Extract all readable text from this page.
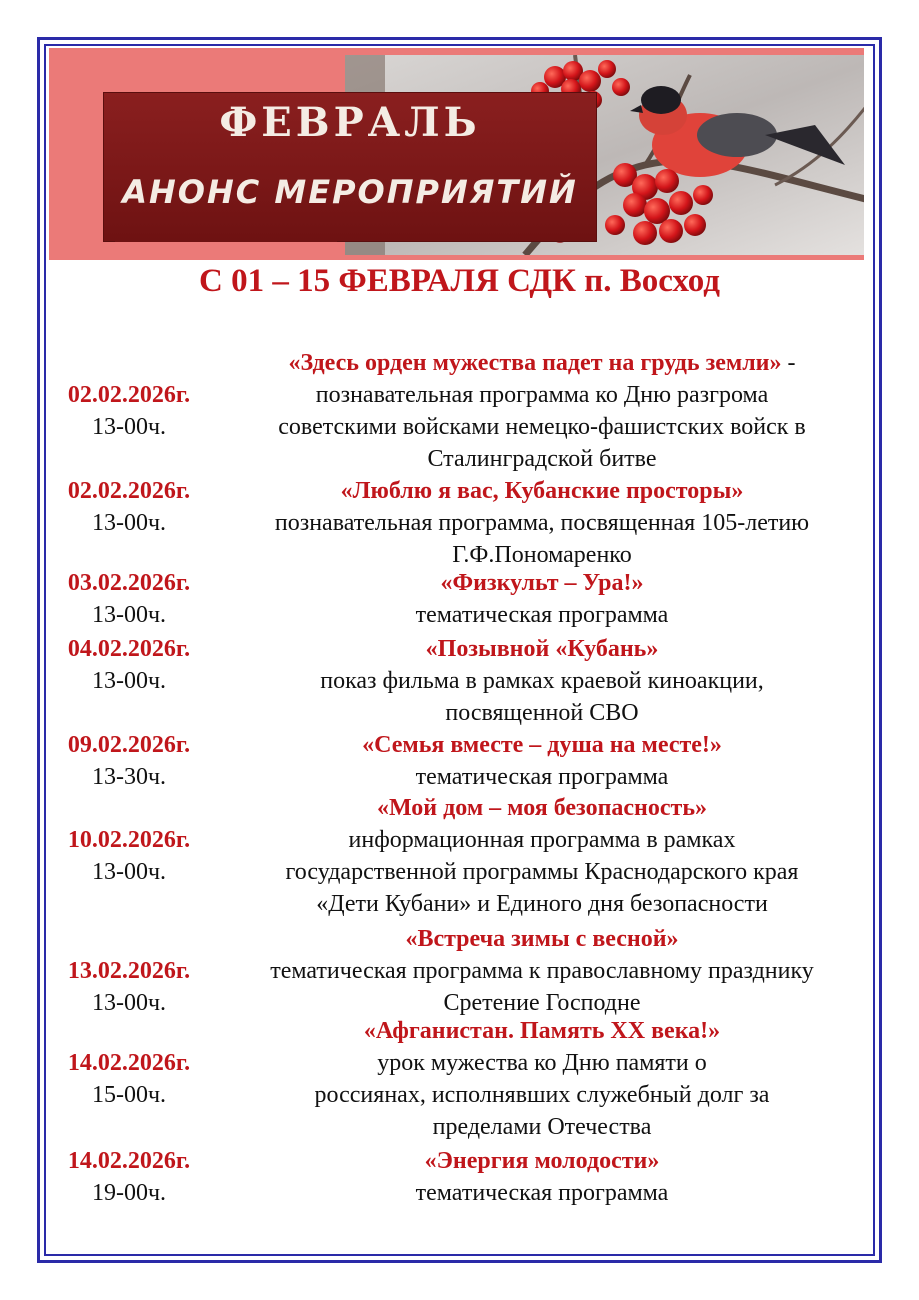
ФЕВРАЛЬ
АНОНС МЕРОПРИЯТИЙ
С 01 – 15 ФЕВРАЛЯ СДК п. Восход
02.02.2026г.
13-00ч.
«Здесь орден мужества падет на грудь земли» -
познавательная программа ко Дню разгрома
советскими войсками немецко-фашистских войск в
Сталинградской битве
02.02.2026г.
13-00ч.
«Люблю я вас, Кубанские просторы»
познавательная программа, посвященная 105-летию
Г.Ф.Пономаренко
03.02.2026г.
13-00ч.
«Физкульт – Ура!»
тематическая программа
04.02.2026г.
13-00ч.
«Позывной «Кубань»
показ фильма в рамках краевой киноакции,
посвященной СВО
09.02.2026г.
13-30ч.
«Семья вместе – душа на месте!»
тематическая программа
10.02.2026г.
13-00ч.
«Мой дом – моя безопасность»
информационная программа в рамках
государственной программы Краснодарского края
«Дети Кубани» и Единого дня безопасности
13.02.2026г.
13-00ч.
«Встреча зимы с весной»
тематическая программа к православному празднику
Сретение Господне
14.02.2026г.
15-00ч.
«Афганистан. Память XX века!»
урок мужества ко Дню памяти о
россиянах, исполнявших служебный долг за
пределами Отечества
14.02.2026г.
19-00ч.
«Энергия молодости»
тематическая программа
